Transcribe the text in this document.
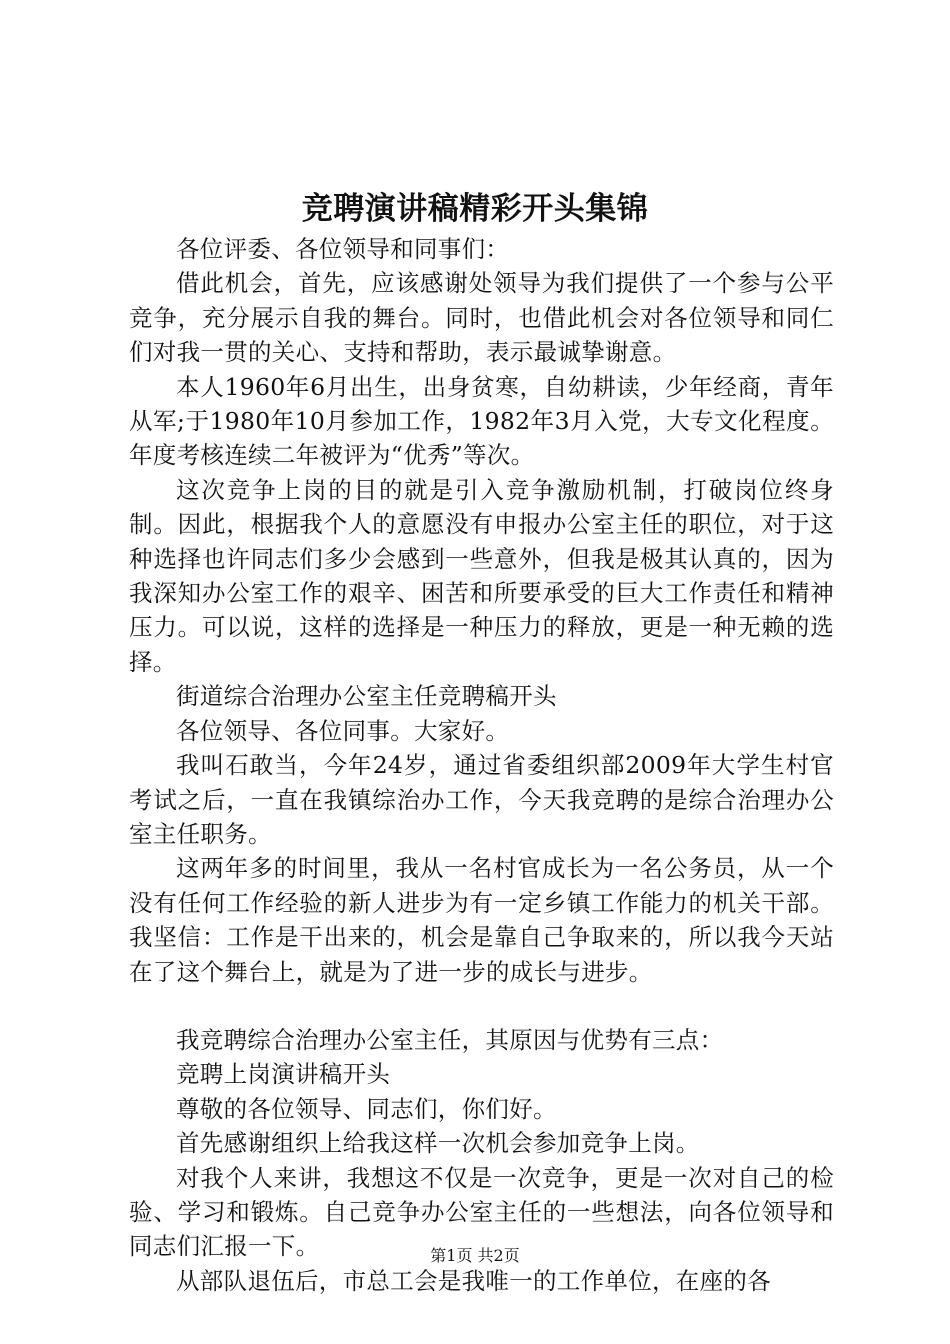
竞聘演讲稿精彩开头集锦

各位评委、各位领导和同事们：

借此机会，首先，应该感谢处领导为我们提供了一个参与公平竞争，充分展示自我的舞台。同时，也借此机会对各位领导和同仁们对我一贯的关心、支持和帮助，表示最诚挚谢意。

本人1960年6月出生，出身贫寒，自幼耕读，少年经商，青年从军;于1980年10月参加工作，1982年3月入党，大专文化程度。年度考核连续二年被评为“优秀”等次。

这次竞争上岗的目的就是引入竞争激励机制，打破岗位终身制。因此，根据我个人的意愿没有申报办公室主任的职位，对于这种选择也许同志们多少会感到一些意外，但我是极其认真的，因为我深知办公室工作的艰辛、困苦和所要承受的巨大工作责任和精神压力。可以说，这样的选择是一种压力的释放，更是一种无赖的选择。

街道综合治理办公室主任竞聘稿开头

各位领导、各位同事。大家好。

我叫石敢当，今年24岁，通过省委组织部2009年大学生村官考试之后，一直在我镇综治办工作，今天我竞聘的是综合治理办公室主任职务。

这两年多的时间里，我从一名村官成长为一名公务员，从一个没有任何工作经验的新人进步为有一定乡镇工作能力的机关干部。我坚信：工作是干出来的，机会是靠自己争取来的，所以我今天站在了这个舞台上，就是为了进一步的成长与进步。

我竞聘综合治理办公室主任，其原因与优势有三点：

竞聘上岗演讲稿开头

尊敬的各位领导、同志们，你们好。

首先感谢组织上给我这样一次机会参加竞争上岗。

对我个人来讲，我想这不仅是一次竞争，更是一次对自己的检验、学习和锻炼。自己竞争办公室主任的一些想法，向各位领导和同志们汇报一下。

从部队退伍后，市总工会是我唯一的工作单位，在座的各

第1页 共2页
